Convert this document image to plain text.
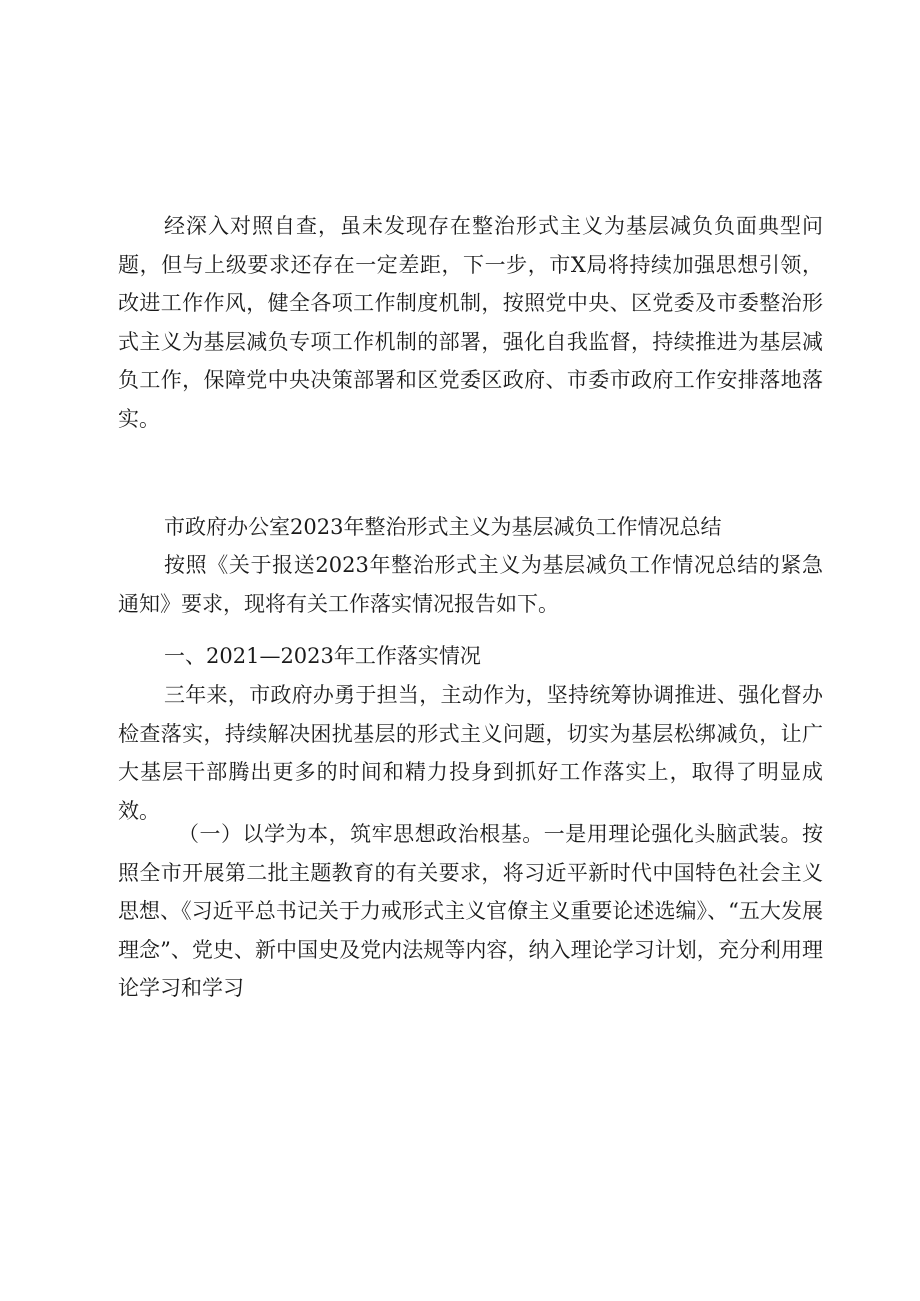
经深入对照自查，虽未发现存在整治形式主义为基层减负负面典型问题，但与上级要求还存在一定差距，下一步，市X局将持续加强思想引领，改进工作作风，健全各项工作制度机制，按照党中央、区党委及市委整治形式主义为基层减负专项工作机制的部署，强化自我监督，持续推进为基层减负工作，保障党中央决策部署和区党委区政府、市委市政府工作安排落地落实。

市政府办公室2023年整治形式主义为基层减负工作情况总结

按照《关于报送2023年整治形式主义为基层减负工作情况总结的紧急通知》要求，现将有关工作落实情况报告如下。

一、2021—2023年工作落实情况

三年来，市政府办勇于担当，主动作为，坚持统筹协调推进、强化督办检查落实，持续解决困扰基层的形式主义问题，切实为基层松绑减负，让广大基层干部腾出更多的时间和精力投身到抓好工作落实上，取得了明显成效。

（一）以学为本，筑牢思想政治根基。一是用理论强化头脑武装。按照全市开展第二批主题教育的有关要求，将习近平新时代中国特色社会主义思想、《习近平总书记关于力戒形式主义官僚主义重要论述选编》、“五大发展理念”、党史、新中国史及党内法规等内容，纳入理论学习计划，充分利用理论学习和学习
